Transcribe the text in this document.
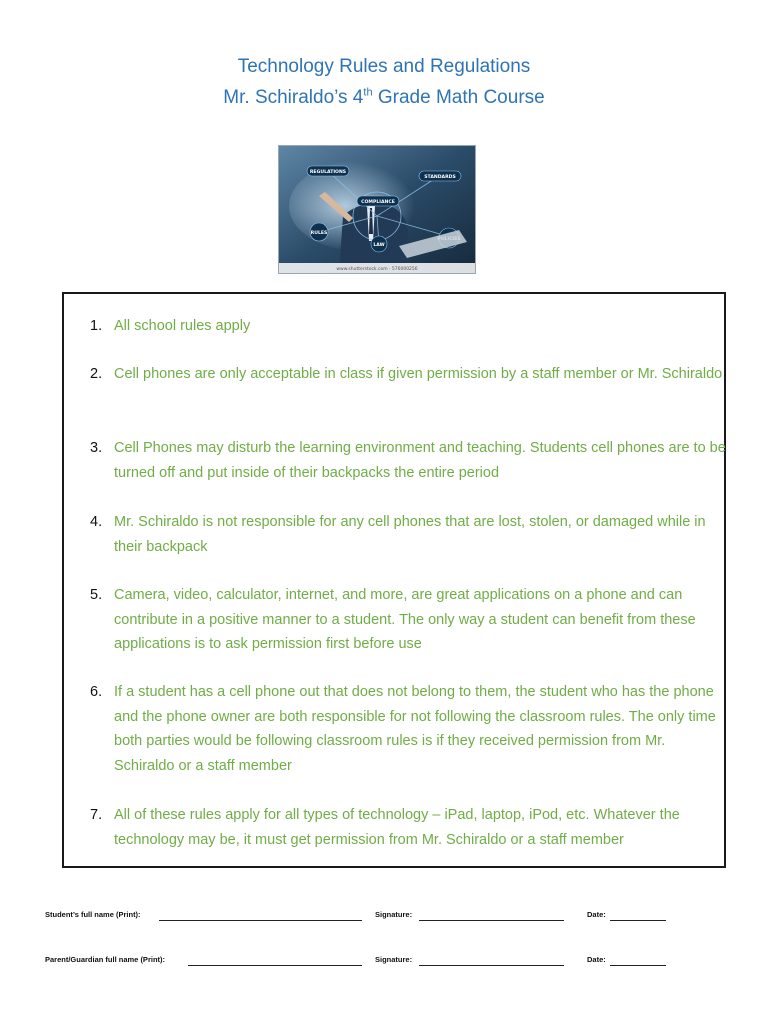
Technology Rules and Regulations
Mr. Schiraldo’s 4th Grade Math Course
REGULATIONS
STANDARDS
COMPLIANCE
RULES
LAW
www.shutterstock.com · 576000256
1. All school rules apply
2. Cell phones are only acceptable in class if given permission by a staff member or Mr. Schiraldo
3. Cell Phones may disturb the learning environment and teaching. Students cell phones are to be turned off and put inside of their backpacks the entire period
4. Mr. Schiraldo is not responsible for any cell phones that are lost, stolen, or damaged while in their backpack
5. Camera, video, calculator, internet, and more, are great applications on a phone and can contribute in a positive manner to a student. The only way a student can benefit from these applications is to ask permission first before use
6. If a student has a cell phone out that does not belong to them, the student who has the phone and the phone owner are both responsible for not following the classroom rules. The only time both parties would be following classroom rules is if they received permission from Mr. Schiraldo or a staff member
7. All of these rules apply for all types of technology – iPad, laptop, iPod, etc. Whatever the technology may be, it must get permission from Mr. Schiraldo or a staff member
Student’s full name (Print):	Signature:	Date:
Parent/Guardian full name (Print):	Signature:	Date:
